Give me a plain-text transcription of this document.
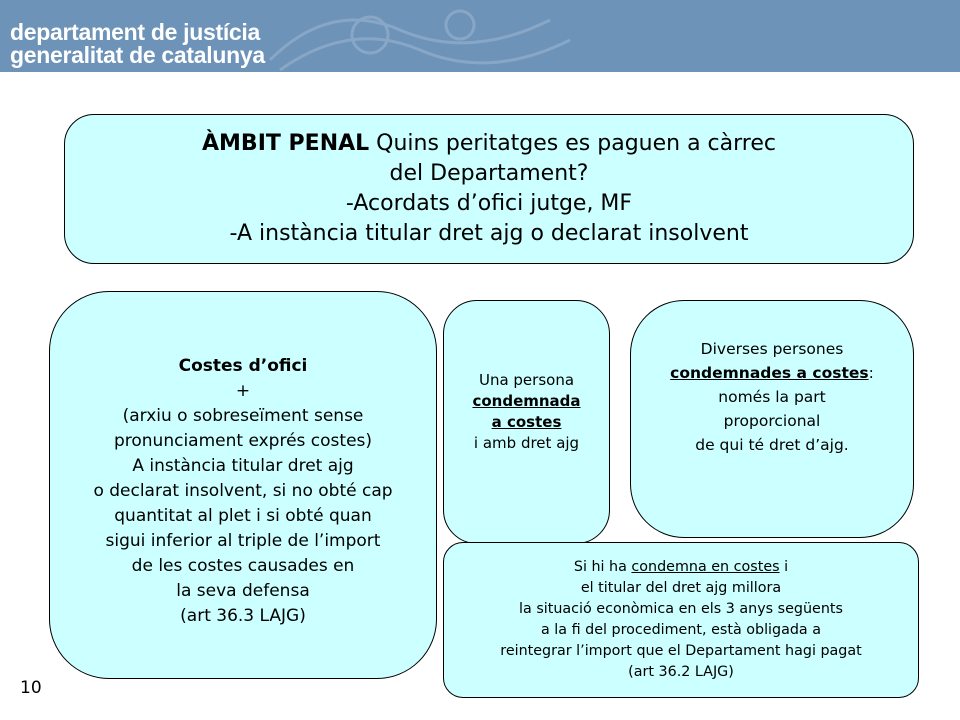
departament de justícia
generalitat de catalunya
ÀMBIT PENAL Quins peritatges es paguen a càrrec
del Departament?
-Acordats d’ofici jutge, MF
-A instància titular dret ajg o declarat insolvent
Costes d’ofici
+
(arxiu o sobreseïment sense
pronunciament exprés costes)
A instància titular dret ajg
o declarat insolvent, si no obté cap
quantitat al plet i si obté quan
sigui inferior al triple de l’import
de les costes causades en
la seva defensa
(art 36.3 LAJG)
Una persona
condemnada
a costes
i amb dret ajg
Diverses persones
condemnades a costes:
només la part
proporcional
de qui té dret d’ajg.
Si hi ha condemna en costes i
el titular del dret ajg millora
la situació econòmica en els 3 anys següents
a la fi del procediment, està obligada a
reintegrar l’import que el Departament hagi pagat
(art 36.2 LAJG)
10
